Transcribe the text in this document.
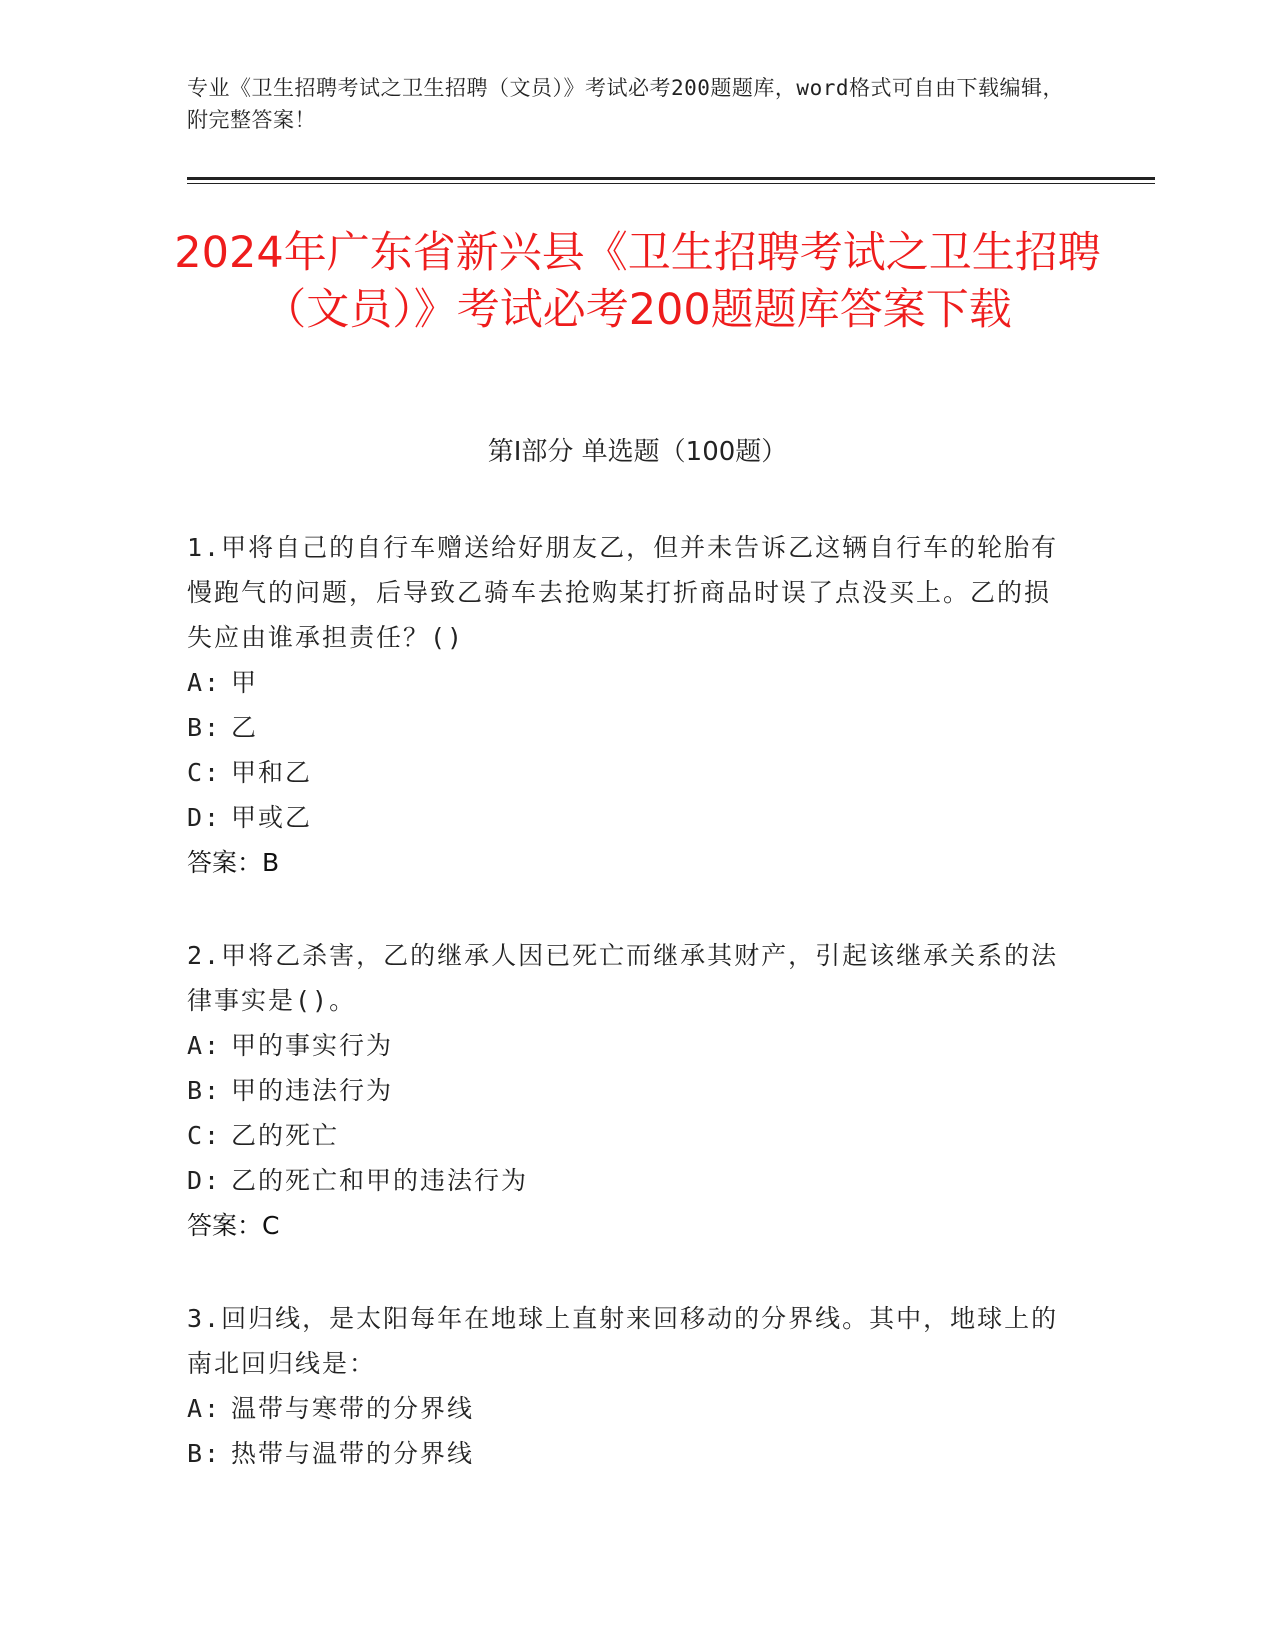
专业《卫生招聘考试之卫生招聘（文员）》考试必考200题题库，word格式可自由下载编辑，附完整答案！
2024年广东省新兴县《卫生招聘考试之卫生招聘（文员）》考试必考200题题库答案下载
第Ⅰ部分 单选题（100题）
1.甲将自己的自行车赠送给好朋友乙，但并未告诉乙这辆自行车的轮胎有慢跑气的问题，后导致乙骑车去抢购某打折商品时误了点没买上。乙的损失应由谁承担责任？()
A: 甲
B: 乙
C: 甲和乙
D: 甲或乙
答案：B
2.甲将乙杀害，乙的继承人因已死亡而继承其财产，引起该继承关系的法律事实是()。
A: 甲的事实行为
B: 甲的违法行为
C: 乙的死亡
D: 乙的死亡和甲的违法行为
答案：C
3.回归线，是太阳每年在地球上直射来回移动的分界线。其中，地球上的南北回归线是：
A: 温带与寒带的分界线
B: 热带与温带的分界线
